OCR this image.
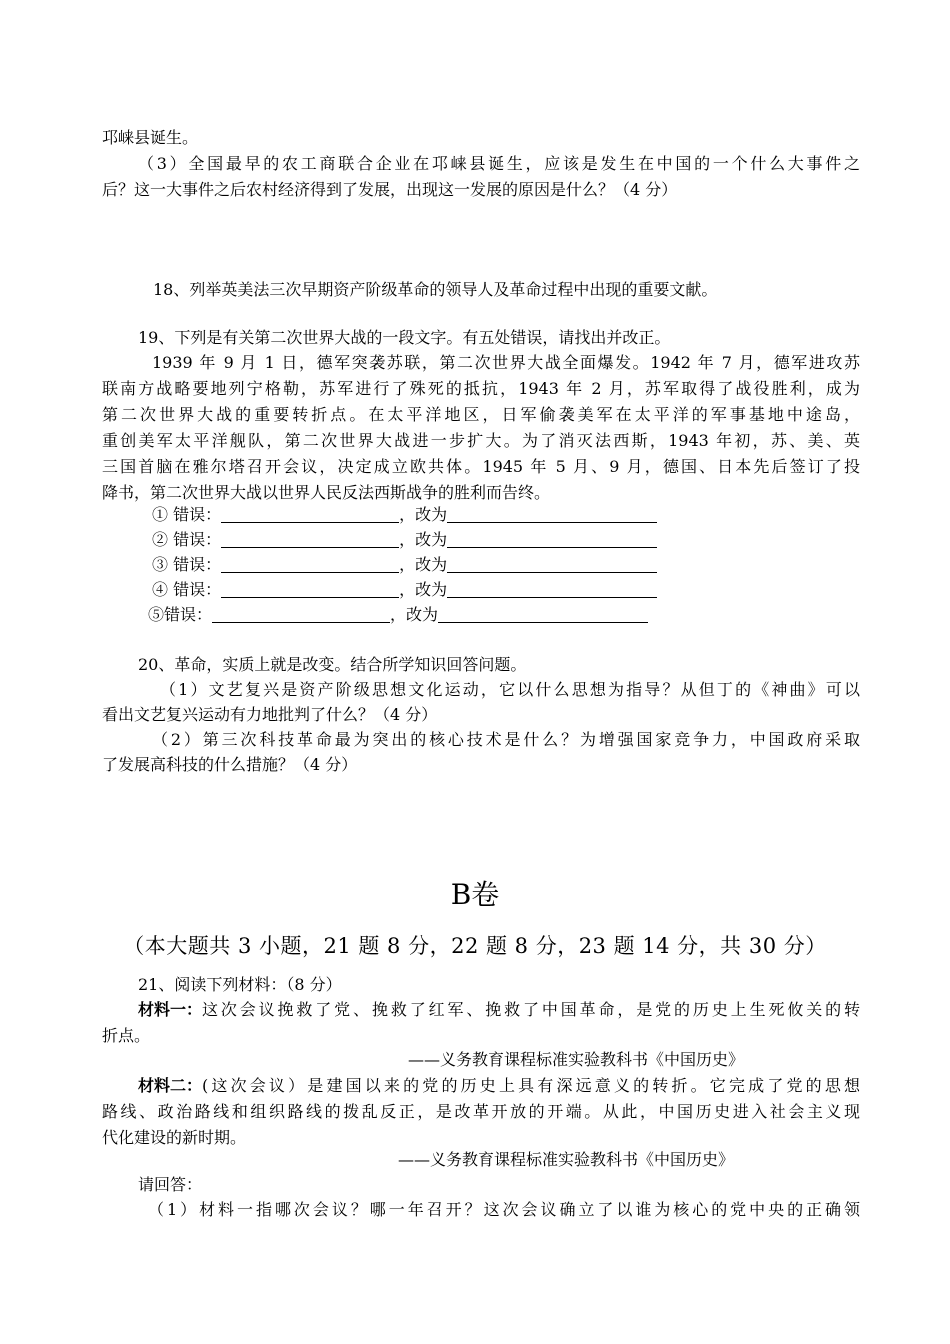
邛崃县诞生。
（3）全国最早的农工商联合企业在邛崃县诞生，应该是发生在中国的一个什么大事件之
后？这一大事件之后农村经济得到了发展，出现这一发展的原因是什么？（4 分）
18、列举英美法三次早期资产阶级革命的领导人及革命过程中出现的重要文献。
19、下列是有关第二次世界大战的一段文字。有五处错误，请找出并改正。
1939 年 9 月 1 日，德军突袭苏联，第二次世界大战全面爆发。1942 年 7 月，德军进攻苏
联南方战略要地列宁格勒，苏军进行了殊死的抵抗，1943 年 2 月，苏军取得了战役胜利，成为
第二次世界大战的重要转折点。在太平洋地区，日军偷袭美军在太平洋的军事基地中途岛，
重创美军太平洋舰队，第二次世界大战进一步扩大。为了消灭法西斯，1943 年初，苏、美、英
三国首脑在雅尔塔召开会议，决定成立欧共体。1945 年 5 月、9 月，德国、日本先后签订了投
降书，第二次世界大战以世界人民反法西斯战争的胜利而告终。
① 错误：	，改为
② 错误：	，改为
③ 错误：	，改为
④ 错误：	，改为
⑤错误：	，改为
20、革命，实质上就是改变。结合所学知识回答问题。
（1）文艺复兴是资产阶级思想文化运动，它以什么思想为指导？从但丁的《神曲》可以
看出文艺复兴运动有力地批判了什么？（4 分）
（2）第三次科技革命最为突出的核心技术是什么？为增强国家竞争力，中国政府采取
了发展高科技的什么措施？（4 分）
B卷
（本大题共 3 小题，21 题 8 分，22 题 8 分，23 题 14 分，共 30 分）
21、阅读下列材料：（8 分）
材料一： 这次会议挽救了党、挽救了红军、挽救了中国革命，是党的历史上生死攸关的转
折点。
——义务教育课程标准实验教科书《中国历史》
材料二： (这次会议）是建国以来的党的历史上具有深远意义的转折。它完成了党的思想
路线、政治路线和组织路线的拨乱反正，是改革开放的开端。从此，中国历史进入社会主义现
代化建设的新时期。
——义务教育课程标准实验教科书《中国历史》
请回答：
（1）材料一指哪次会议？哪一年召开？这次会议确立了以谁为核心的党中央的正确领
